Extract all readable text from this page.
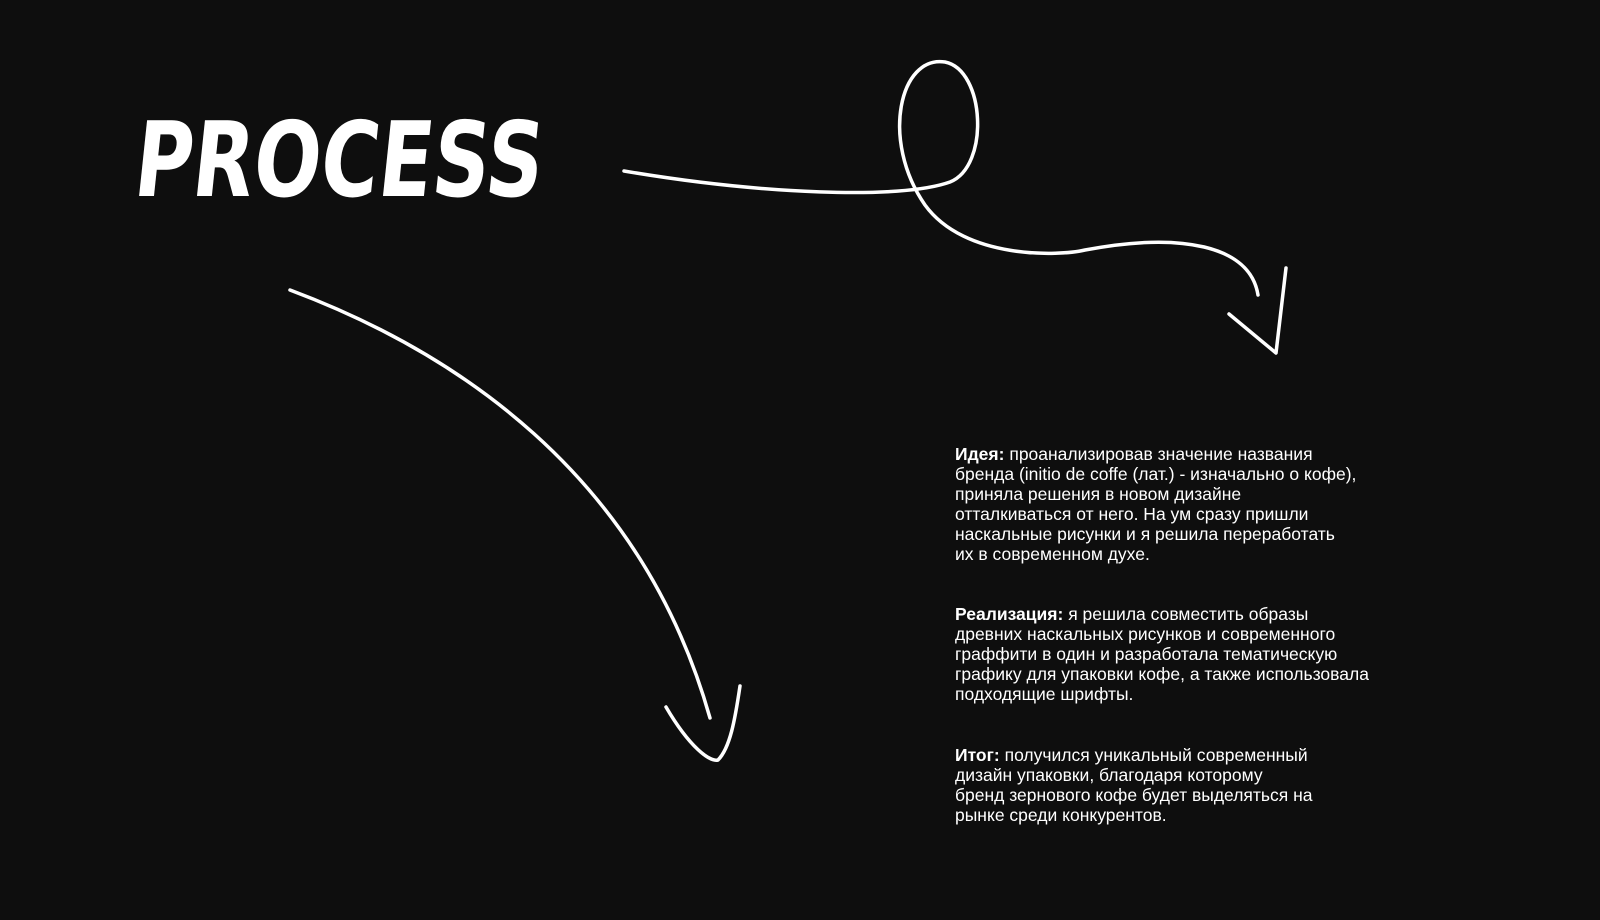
PROCESS
Идея: проанализировав значение названия
бренда (initio de coffe (лат.) - изначально о кофе),
приняла решения в новом дизайне
отталкиваться от него. На ум сразу пришли
наскальные рисунки и я решила переработать
их в современном духе.
Реализация: я решила совместить образы
древних наскальных рисунков и современного
граффити в один и разработала тематическую
графику для упаковки кофе, а также использовала
подходящие шрифты.
Итог: получился уникальный современный
дизайн упаковки, благодаря которому
бренд зернового кофе будет выделяться на
рынке среди конкурентов.
